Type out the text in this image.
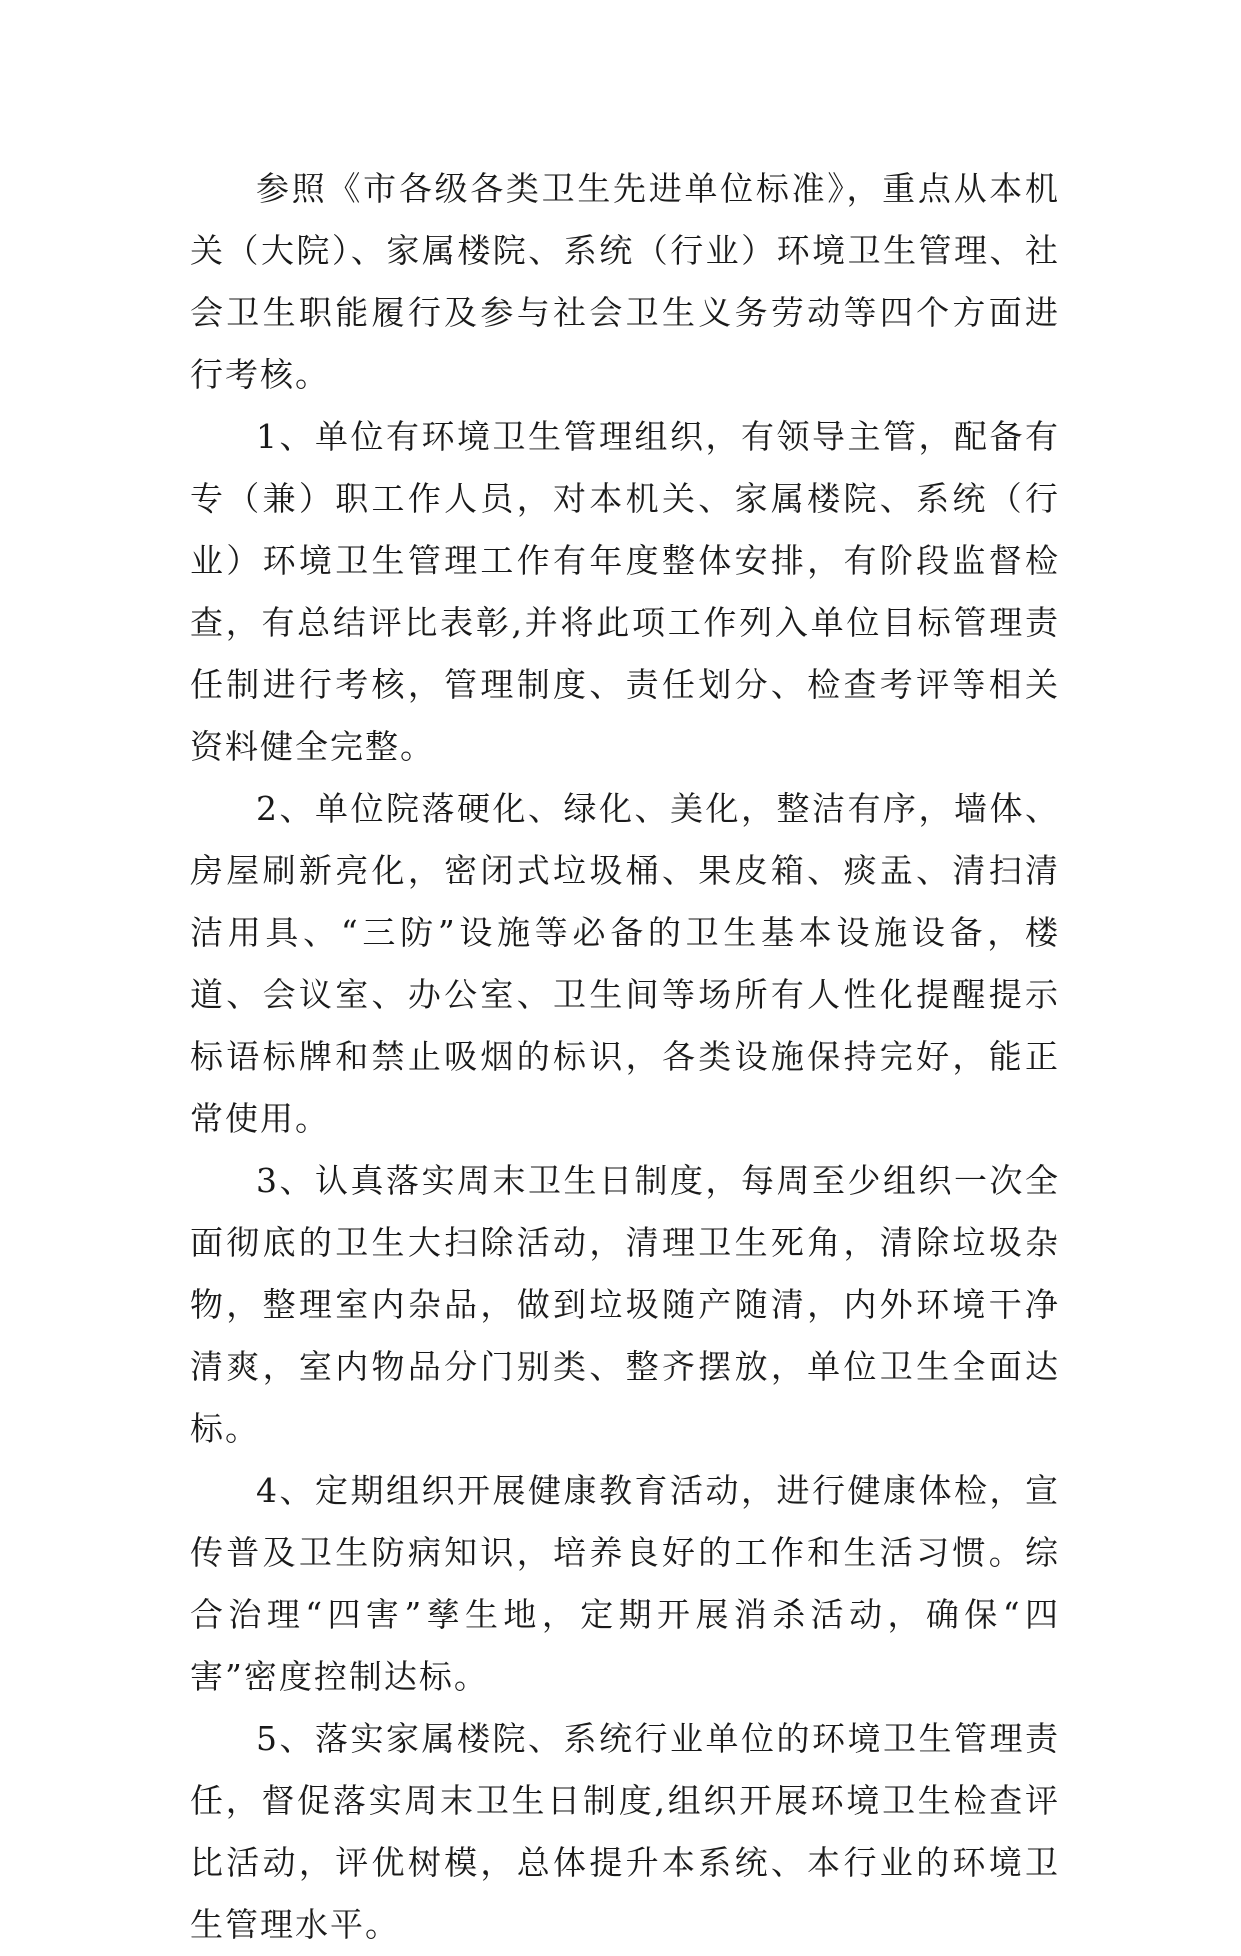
参照《市各级各类卫生先进单位标准》，重点从本机关（大院）、家属楼院、系统（行业）环境卫生管理、社会卫生职能履行及参与社会卫生义务劳动等四个方面进行考核。

1、单位有环境卫生管理组织，有领导主管，配备有专（兼）职工作人员，对本机关、家属楼院、系统（行业）环境卫生管理工作有年度整体安排，有阶段监督检查，有总结评比表彰,并将此项工作列入单位目标管理责任制进行考核，管理制度、责任划分、检查考评等相关资料健全完整。

2、单位院落硬化、绿化、美化，整洁有序，墙体、房屋刷新亮化，密闭式垃圾桶、果皮箱、痰盂、清扫清洁用具、“三防”设施等必备的卫生基本设施设备，楼道、会议室、办公室、卫生间等场所有人性化提醒提示标语标牌和禁止吸烟的标识，各类设施保持完好，能正常使用。

3、认真落实周末卫生日制度，每周至少组织一次全面彻底的卫生大扫除活动，清理卫生死角，清除垃圾杂物，整理室内杂品，做到垃圾随产随清，内外环境干净清爽，室内物品分门别类、整齐摆放，单位卫生全面达标。

4、定期组织开展健康教育活动，进行健康体检，宣传普及卫生防病知识，培养良好的工作和生活习惯。综合治理“四害”孳生地，定期开展消杀活动，确保“四害”密度控制达标。

5、落实家属楼院、系统行业单位的环境卫生管理责任，督促落实周末卫生日制度,组织开展环境卫生检查评比活动，评优树模，总体提升本系统、本行业的环境卫生管理水平。
